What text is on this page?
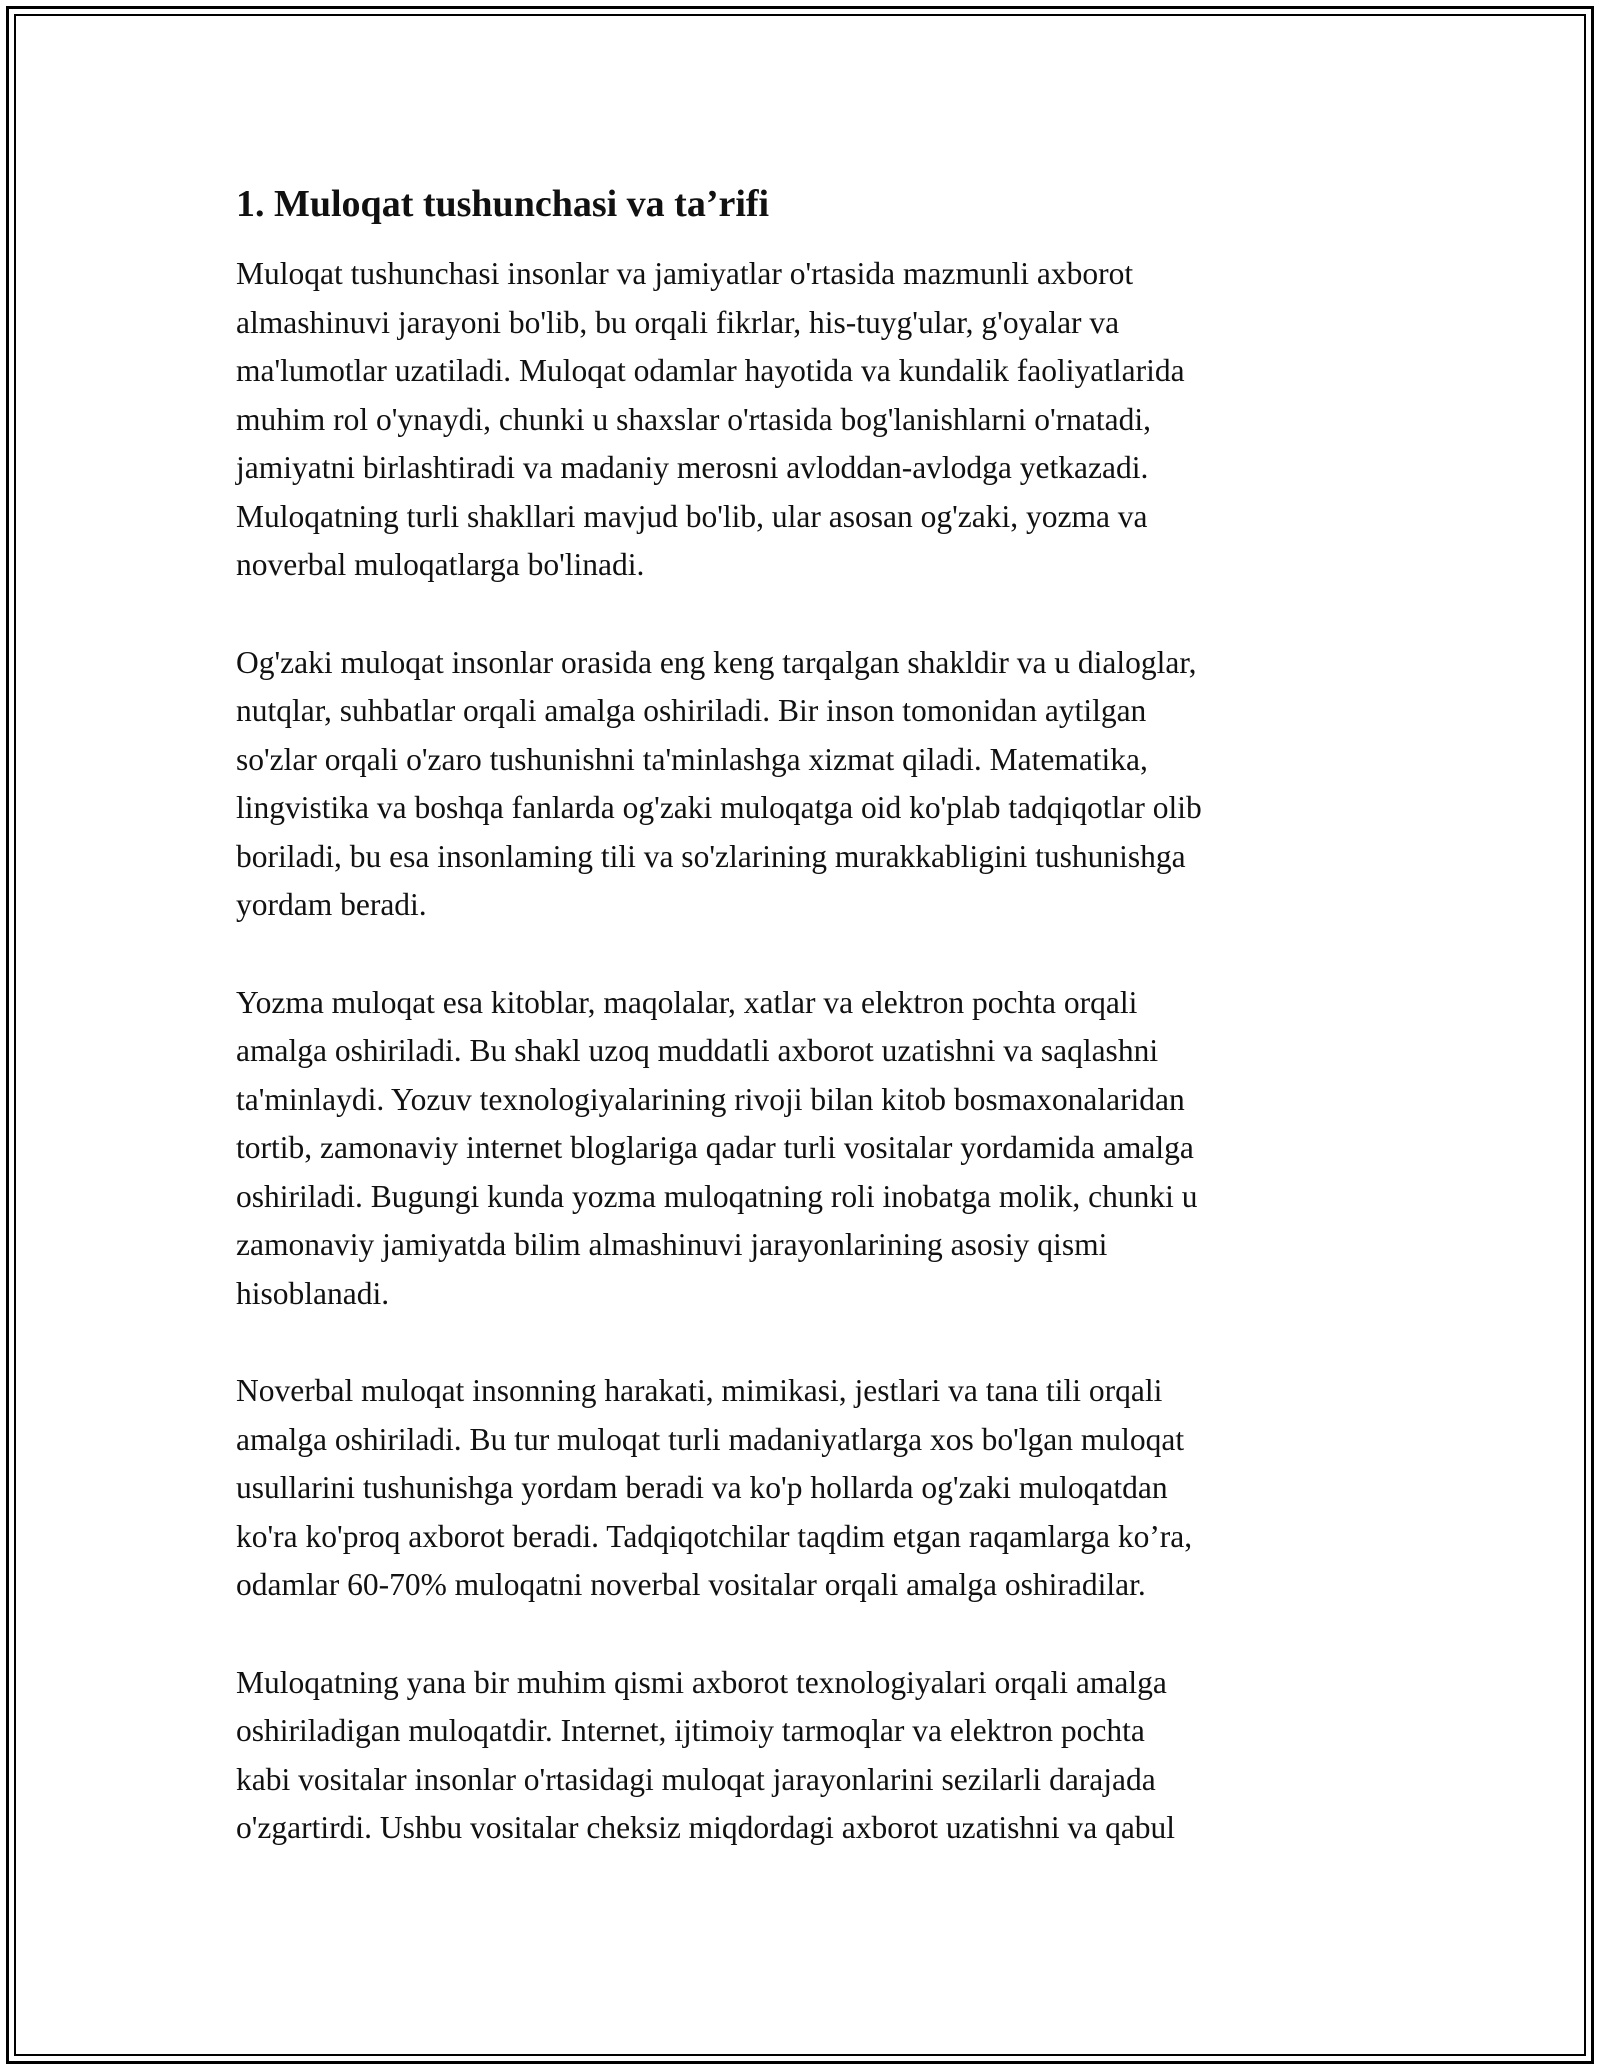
1. Muloqat tushunchasi va ta’rifi
Muloqat tushunchasi insonlar va jamiyatlar o'rtasida mazmunli axborot
almashinuvi jarayoni bo'lib, bu orqali fikrlar, his-tuyg'ular, g'oyalar va
ma'lumotlar uzatiladi. Muloqat odamlar hayotida va kundalik faoliyatlarida
muhim rol o'ynaydi, chunki u shaxslar o'rtasida bog'lanishlarni o'rnatadi,
jamiyatni birlashtiradi va madaniy merosni avloddan-avlodga yetkazadi.
Muloqatning turli shakllari mavjud bo'lib, ular asosan og'zaki, yozma va
noverbal muloqatlarga bo'linadi.
Og'zaki muloqat insonlar orasida eng keng tarqalgan shakldir va u dialoglar,
nutqlar, suhbatlar orqali amalga oshiriladi. Bir inson tomonidan aytilgan
so'zlar orqali o'zaro tushunishni ta'minlashga xizmat qiladi. Matematika,
lingvistika va boshqa fanlarda og'zaki muloqatga oid ko'plab tadqiqotlar olib
boriladi, bu esa insonlaming tili va so'zlarining murakkabligini tushunishga
yordam beradi.
Yozma muloqat esa kitoblar, maqolalar, xatlar va elektron pochta orqali
amalga oshiriladi. Bu shakl uzoq muddatli axborot uzatishni va saqlashni
ta'minlaydi. Yozuv texnologiyalarining rivoji bilan kitob bosmaxonalaridan
tortib, zamonaviy internet bloglariga qadar turli vositalar yordamida amalga
oshiriladi. Bugungi kunda yozma muloqatning roli inobatga molik, chunki u
zamonaviy jamiyatda bilim almashinuvi jarayonlarining asosiy qismi
hisoblanadi.
Noverbal muloqat insonning harakati, mimikasi, jestlari va tana tili orqali
amalga oshiriladi. Bu tur muloqat turli madaniyatlarga xos bo'lgan muloqat
usullarini tushunishga yordam beradi va ko'p hollarda og'zaki muloqatdan
ko'ra ko'proq axborot beradi. Tadqiqotchilar taqdim etgan raqamlarga ko’ra,
odamlar 60-70% muloqatni noverbal vositalar orqali amalga oshiradilar.
Muloqatning yana bir muhim qismi axborot texnologiyalari orqali amalga
oshiriladigan muloqatdir. Internet, ijtimoiy tarmoqlar va elektron pochta
kabi vositalar insonlar o'rtasidagi muloqat jarayonlarini sezilarli darajada
o'zgartirdi. Ushbu vositalar cheksiz miqdordagi axborot uzatishni va qabul
